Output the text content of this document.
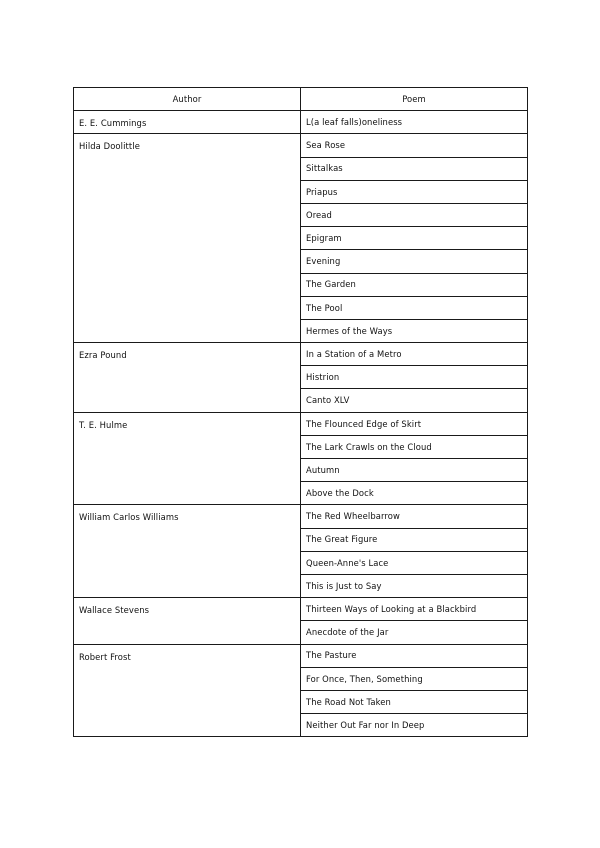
Author	Poem
E. E. Cummings	L(a leaf falls)oneliness
Hilda Doolittle	Sea Rose
	Sittalkas
	Priapus
	Oread
	Epigram
	Evening
	The Garden
	The Pool
	Hermes of the Ways
Ezra Pound	In a Station of a Metro
	Histrion
	Canto XLV
T. E. Hulme	The Flounced Edge of Skirt
	The Lark Crawls on the Cloud
	Autumn
	Above the Dock
William Carlos Williams	The Red Wheelbarrow
	The Great Figure
	Queen-Anne's Lace
	This is Just to Say
Wallace Stevens	Thirteen Ways of Looking at a Blackbird
	Anecdote of the Jar
Robert Frost	The Pasture
	For Once, Then, Something
	The Road Not Taken
	Neither Out Far nor In Deep
